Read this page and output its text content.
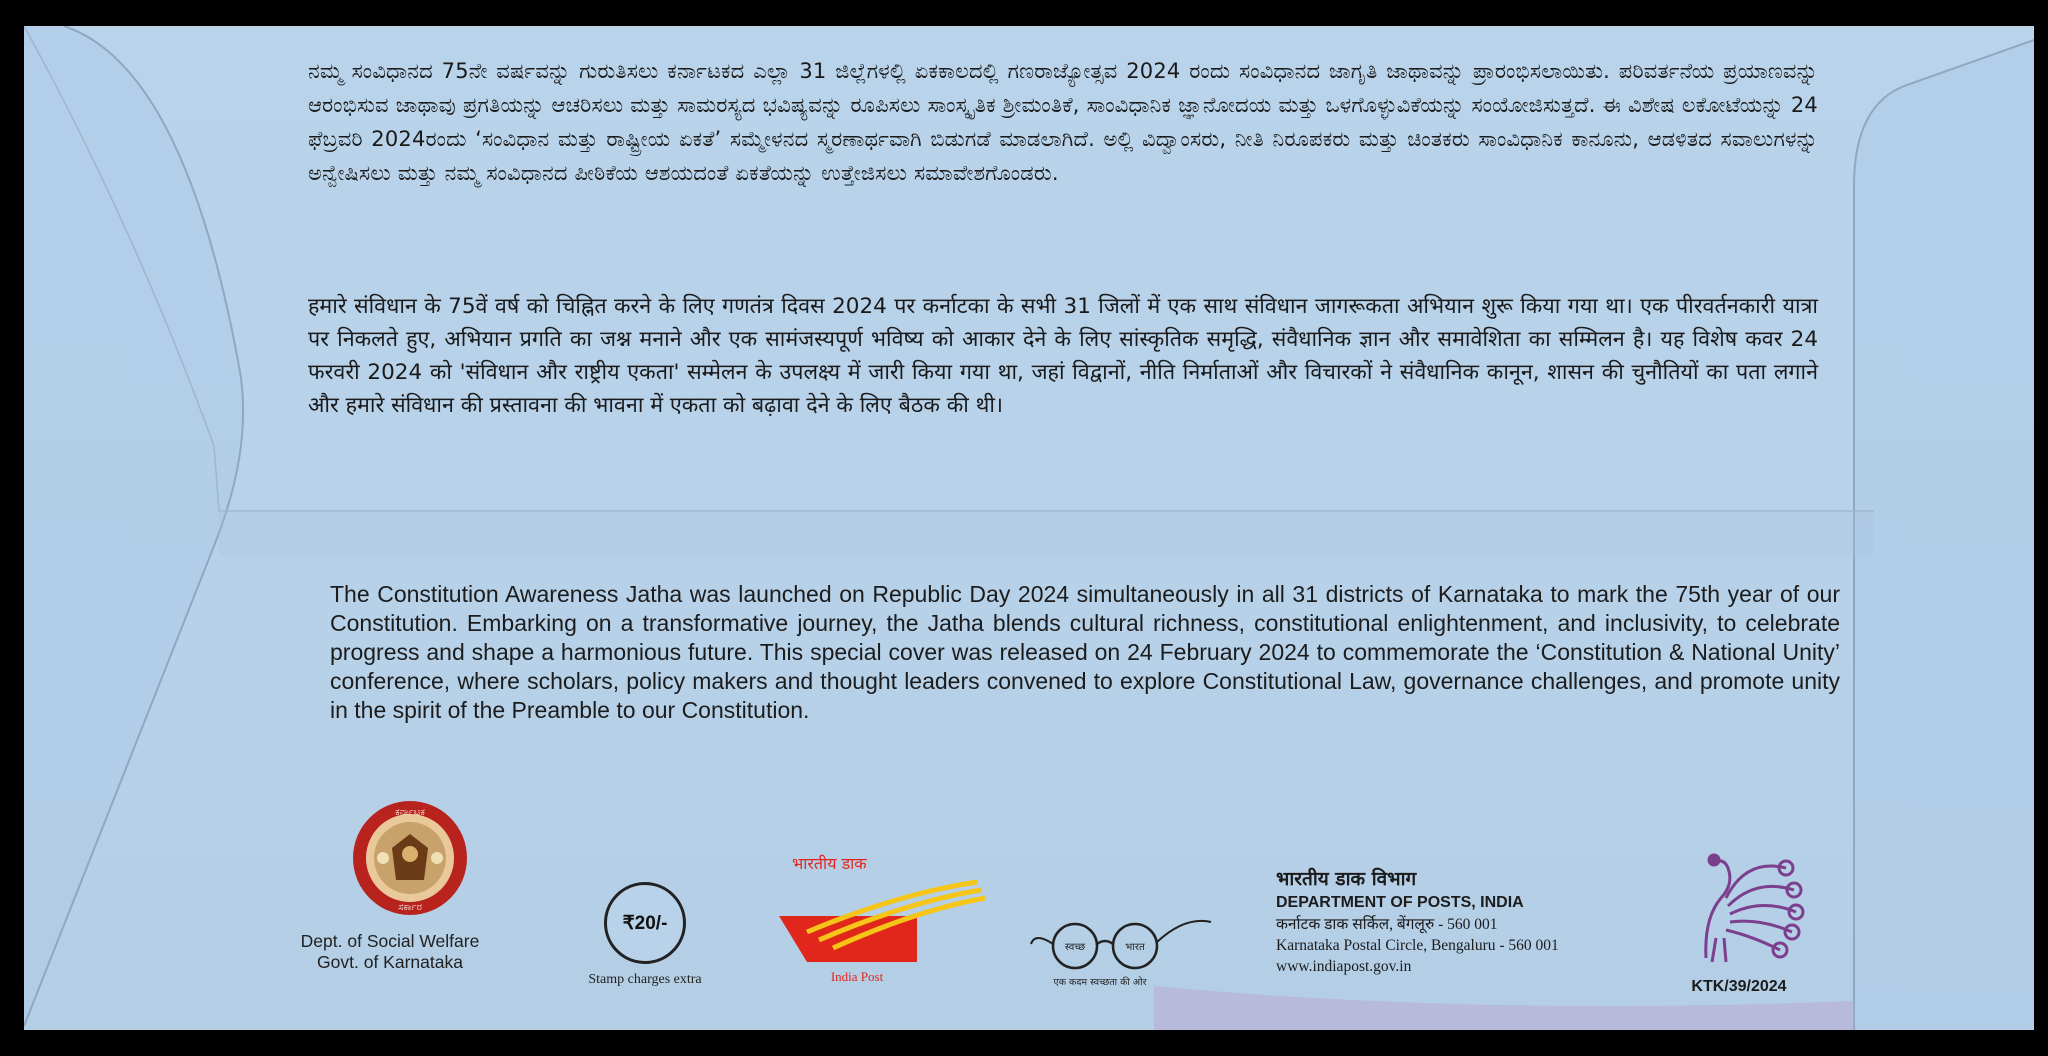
ನಮ್ಮ ಸಂವಿಧಾನದ 75ನೇ ವರ್ಷವನ್ನು ಗುರುತಿಸಲು ಕರ್ನಾಟಕದ ಎಲ್ಲಾ 31 ಜಿಲ್ಲೆಗಳಲ್ಲಿ ಏಕಕಾಲದಲ್ಲಿ ಗಣರಾಜ್ಯೋತ್ಸವ 2024 ರಂದು ಸಂವಿಧಾನದ ಜಾಗೃತಿ ಜಾಥಾವನ್ನು ಪ್ರಾರಂಭಿಸಲಾಯಿತು. ಪರಿವರ್ತನೆಯ ಪ್ರಯಾಣವನ್ನು ಆರಂಭಿಸುವ ಜಾಥಾವು ಪ್ರಗತಿಯನ್ನು ಆಚರಿಸಲು ಮತ್ತು ಸಾಮರಸ್ಯದ ಭವಿಷ್ಯವನ್ನು ರೂಪಿಸಲು ಸಾಂಸ್ಕೃತಿಕ ಶ್ರೀಮಂತಿಕೆ, ಸಾಂವಿಧಾನಿಕ ಜ್ಞಾನೋದಯ ಮತ್ತು ಒಳಗೊಳ್ಳುವಿಕೆಯನ್ನು ಸಂಯೋಜಿಸುತ್ತದೆ. ಈ ವಿಶೇಷ ಲಕೋಟೆಯನ್ನು 24 ಫೆಬ್ರವರಿ 2024ರಂದು ‘ಸಂವಿಧಾನ ಮತ್ತು ರಾಷ್ಟ್ರೀಯ ಏಕತೆ’ ಸಮ್ಮೇಳನದ ಸ್ಮರಣಾರ್ಥವಾಗಿ ಬಿಡುಗಡೆ ಮಾಡಲಾಗಿದೆ. ಅಲ್ಲಿ ವಿದ್ವಾಂಸರು, ನೀತಿ ನಿರೂಪಕರು ಮತ್ತು ಚಿಂತಕರು ಸಾಂವಿಧಾನಿಕ ಕಾನೂನು, ಆಡಳಿತದ ಸವಾಲುಗಳನ್ನು ಅನ್ವೇಷಿಸಲು ಮತ್ತು ನಮ್ಮ ಸಂವಿಧಾನದ ಪೀಠಿಕೆಯ ಆಶಯದಂತೆ ಏಕತೆಯನ್ನು ಉತ್ತೇಜಿಸಲು ಸಮಾವೇಶಗೊಂಡರು.

हमारे संविधान के 75वें वर्ष को चिह्नित करने के लिए गणतंत्र दिवस 2024 पर कर्नाटका के सभी 31 जिलों में एक साथ संविधान जागरूकता अभियान शुरू किया गया था। एक पीरवर्तनकारी यात्रा पर निकलते हुए, अभियान प्रगति का जश्न मनाने और एक सामंजस्यपूर्ण भविष्य को आकार देने के लिए सांस्कृतिक समृद्धि, संवैधानिक ज्ञान और समावेशिता का सम्मिलन है। यह विशेष कवर 24 फरवरी 2024 को 'संविधान और राष्ट्रीय एकता' सम्मेलन के उपलक्ष्य में जारी किया गया था, जहां विद्वानों, नीति निर्माताओं और विचारकों ने संवैधानिक कानून, शासन की चुनौतियों का पता लगाने और हमारे संविधान की प्रस्तावना की भावना में एकता को बढ़ावा देने के लिए बैठक की थी।

The Constitution Awareness Jatha was launched on Republic Day 2024 simultaneously in all 31 districts of Karnataka to mark the 75th year of our Constitution. Embarking on a transformative journey, the Jatha blends cultural richness, constitutional enlightenment, and inclusivity, to celebrate progress and shape a harmonious future. This special cover was released on 24 February 2024 to commemorate the ‘Constitution & National Unity’ conference, where scholars, policy makers and thought leaders convened to explore Constitutional Law, governance challenges, and promote unity in the spirit of the Preamble to our Constitution.

ಕರ್ನಾಟಕ
ಸರ್ಕಾರ
Dept. of Social Welfare
Govt. of Karnataka
₹20/-
Stamp charges extra
भारतीय डाक
India Post
स्वच्छ	भारत
एक कदम स्वच्छता की ओर
भारतीय डाक विभाग
DEPARTMENT OF POSTS, INDIA
कर्नाटक डाक सर्किल, बेंगलूरु - 560 001
Karnataka Postal Circle, Bengaluru - 560 001
www.indiapost.gov.in
KTK/39/2024
